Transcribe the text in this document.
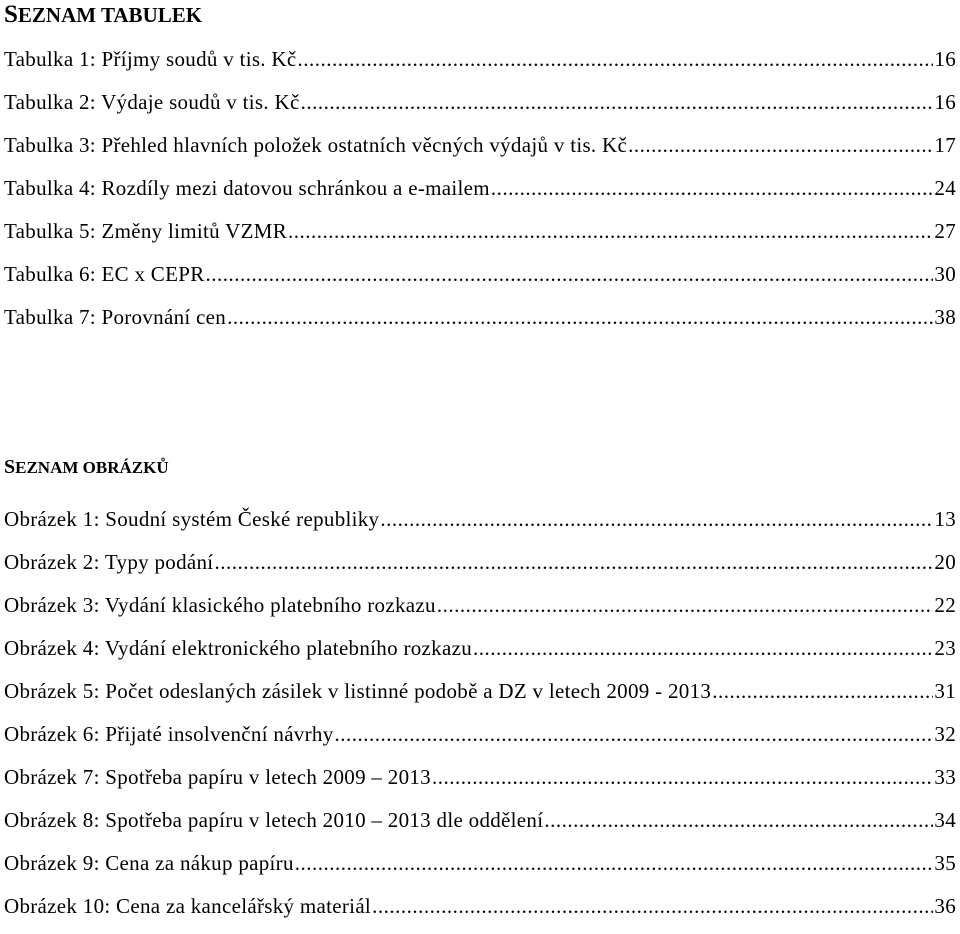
SEZNAM TABULEK
Tabulka 1: Příjmy soudů v tis. Kč .....	16
Tabulka 2: Výdaje soudů v tis. Kč .....	16
Tabulka 3: Přehled hlavních položek ostatních věcných výdajů v tis. Kč .....	17
Tabulka 4: Rozdíly mezi datovou schránkou a e-mailem .....	24
Tabulka 5: Změny limitů VZMR .....	27
Tabulka 6: EC x CEPR .....	30
Tabulka 7: Porovnání cen .....	38
SEZNAM OBRÁZKŮ
Obrázek 1: Soudní systém České republiky .....	13
Obrázek 2: Typy podání .....	20
Obrázek 3: Vydání klasického platebního rozkazu .....	22
Obrázek 4: Vydání elektronického platebního rozkazu .....	23
Obrázek 5: Počet odeslaných zásilek v listinné podobě a DZ v letech 2009 - 2013 .....	31
Obrázek 6: Přijaté insolvenční návrhy .....	32
Obrázek 7: Spotřeba papíru v letech 2009 – 2013 .....	33
Obrázek 8: Spotřeba papíru v letech 2010 – 2013 dle oddělení .....	34
Obrázek 9: Cena za nákup papíru .....	35
Obrázek 10: Cena za kancelářský materiál .....	36
